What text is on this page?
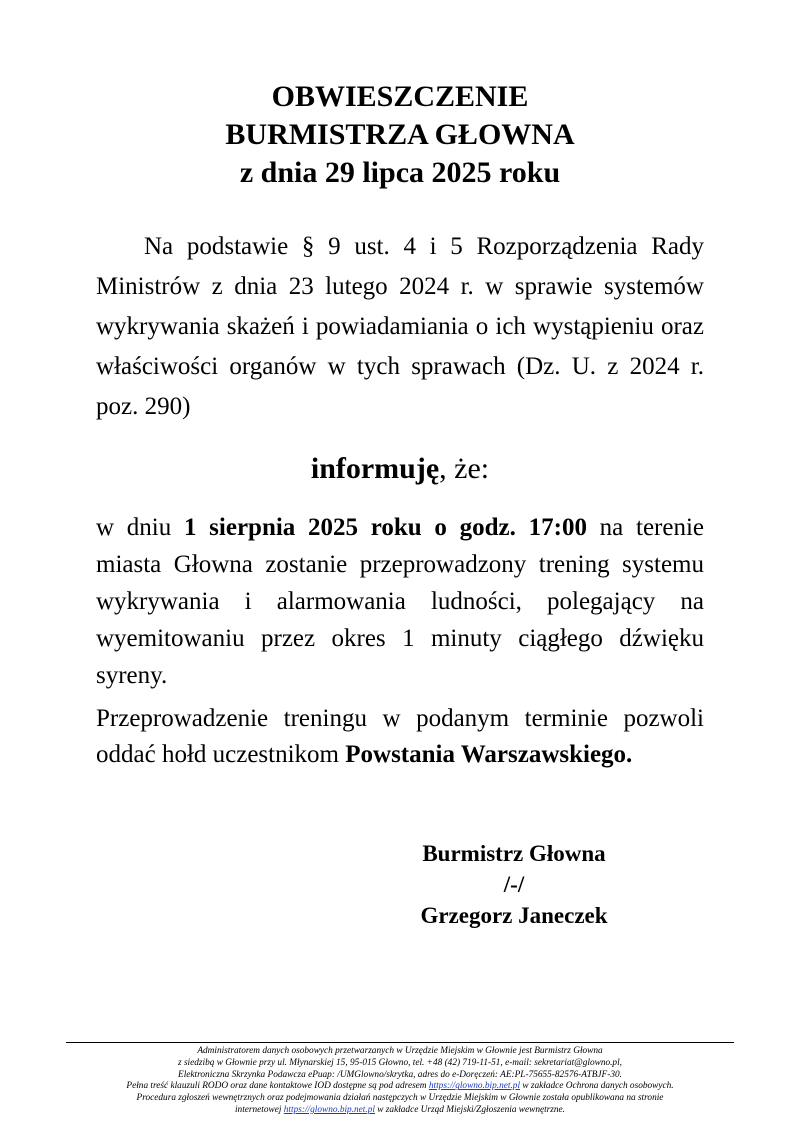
OBWIESZCZENIE
BURMISTRZA GŁOWNA
z dnia 29 lipca 2025 roku
Na podstawie § 9 ust. 4 i 5 Rozporządzenia Rady Ministrów z dnia 23 lutego 2024 r. w sprawie systemów wykrywania skażeń i powiadamiania o ich wystąpieniu oraz właściwości organów w tych sprawach (Dz. U. z 2024 r. poz. 290)
informuję, że:
w dniu 1 sierpnia 2025 roku o godz. 17:00 na terenie miasta Głowna zostanie przeprowadzony trening systemu wykrywania i alarmowania ludności, polegający na wyemitowaniu przez okres 1 minuty ciągłego dźwięku syreny.
Przeprowadzenie treningu w podanym terminie pozwoli oddać hołd uczestnikom Powstania Warszawskiego.
Burmistrz Głowna
/-/
Grzegorz Janeczek
Administratorem danych osobowych przetwarzanych w Urzędzie Miejskim w Głownie jest Burmistrz Głowna
z siedzibą w Głownie przy ul. Młynarskiej 15, 95-015 Głowno, tel. +48 (42) 719-11-51, e-mail: sekretariat@glowno.pl,
Elektroniczna Skrzynka Podawcza ePuap: /UMGlowno/skrytka, adres do e-Doręczeń: AE:PL-75655-82576-ATBJF-30.
Pełna treść klauzuli RODO oraz dane kontaktowe IOD dostępne są pod adresem https://glowno.bip.net.pl w zakładce Ochrona danych osobowych.
Procedura zgłoszeń wewnętrznych oraz podejmowania działań następczych w Urzędzie Miejskim w Głownie została opublikowana na stronie
internetowej https://glowno.bip.net.pl w zakładce Urząd Miejski/Zgłoszenia wewnętrzne.
